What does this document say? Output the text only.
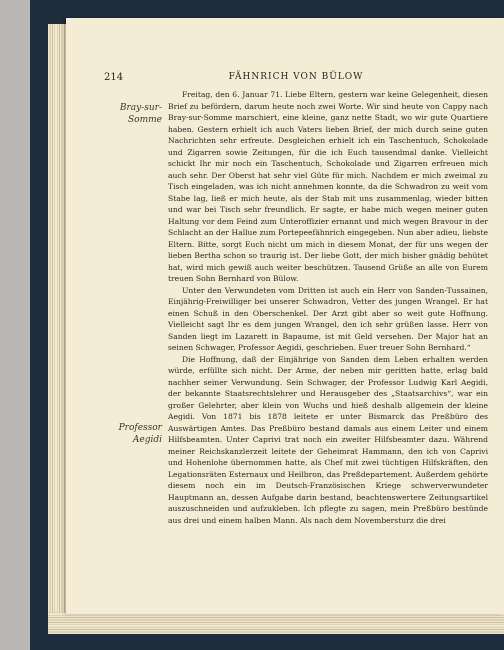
214	FÄHNRICH VON BÜLOW
Bray-sur-
Somme
Professor
Aegidi

Freitag, den 6. Januar 71. Liebe Eltern, gestern war keine Gelegenheit, diesen Brief zu befördern, darum heute noch zwei Worte. Wir sind heute von Cappy nach Bray-sur-Somme marschiert, eine kleine, ganz nette Stadt, wo wir gute Quartiere haben. Gestern erhielt ich auch Vaters lieben Brief, der mich durch seine guten Nachrichten sehr erfreute. Desgleichen erhielt ich ein Taschentuch, Schokolade und Zigarren sowie Zeitungen, für die ich Euch tausendmal danke. Vielleicht schickt Ihr mir noch ein Taschentuch, Schokolade und Zigarren erfreuen mich auch sehr. Der Oberst hat sehr viel Güte für mich. Nachdem er mich zweimal zu Tisch eingeladen, was ich nicht annehmen konnte, da die Schwadron zu weit vom Stabe lag, ließ er mich heute, als der Stab mit uns zusammenlag, wieder bitten und war bei Tisch sehr freundlich. Er sagte, er habe mich wegen meiner guten Haltung vor dem Feind zum Unteroffizier ernannt und mich wegen Bravour in der Schlacht an der Hallue zum Portepeefähnrich eingegeben. Nun aber adieu, liebste Eltern. Bitte, sorgt Euch nicht um mich in diesem Monat, der für uns wegen der lieben Bertha schon so traurig ist. Der liebe Gott, der mich bisher gnädig behütet hat, wird mich gewiß auch weiter beschützen. Tausend Grüße an alle von Eurem treuen Sohn Bernhard von Bülow.

Unter den Verwundeten vom Dritten ist auch ein Herr von Sanden-Tussainen, Einjährig-Freiwilliger bei unserer Schwadron, Vetter des jungen Wrangel. Er hat einen Schuß in den Oberschenkel. Der Arzt gibt aber so weit gute Hoffnung. Vielleicht sagt Ihr es dem jungen Wrangel, den ich sehr grüßen lasse. Herr von Sanden liegt im Lazarett in Bapaume, ist mit Geld versehen. Der Major hat an seinen Schwager, Professor Aegidi, geschrieben. Euer treuer Sohn Bernhard.“

Die Hoffnung, daß der Einjährige von Sanden dem Leben erhalten werden würde, erfüllte sich nicht. Der Arme, der neben mir geritten hatte, erlag bald nachher seiner Verwundung. Sein Schwager, der Professor Ludwig Karl Aegidi, der bekannte Staatsrechtslehrer und Herausgeber des „Staatsarchivs“, war ein großer Gelehrter, aber klein von Wuchs und hieß deshalb allgemein der kleine Aegidi. Von 1871 bis 1878 leitete er unter Bismarck das Preßbüro des Auswärtigen Amtes. Das Preßbüro bestand damals aus einem Leiter und einem Hilfsbeamten. Unter Caprivi trat noch ein zweiter Hilfsbeamter dazu. Während meiner Reichskanzlerzeit leitete der Geheimrat Hammann, den ich von Caprivi und Hohenlohe übernommen hatte, als Chef mit zwei tüchtigen Hilfskräften, den Legationsräten Esternaux und Heilbron, das Preßdepartement. Außerdem gehörte diesem noch ein im Deutsch-Französischen Kriege schwerverwundeter Hauptmann an, dessen Aufgabe darin bestand, beachtenswertere Zeitungsartikel auszuschneiden und aufzukleben. Ich pflegte zu sagen, mein Preßbüro bestünde aus drei und einem halben Mann. Als nach dem Novembersturz die drei
